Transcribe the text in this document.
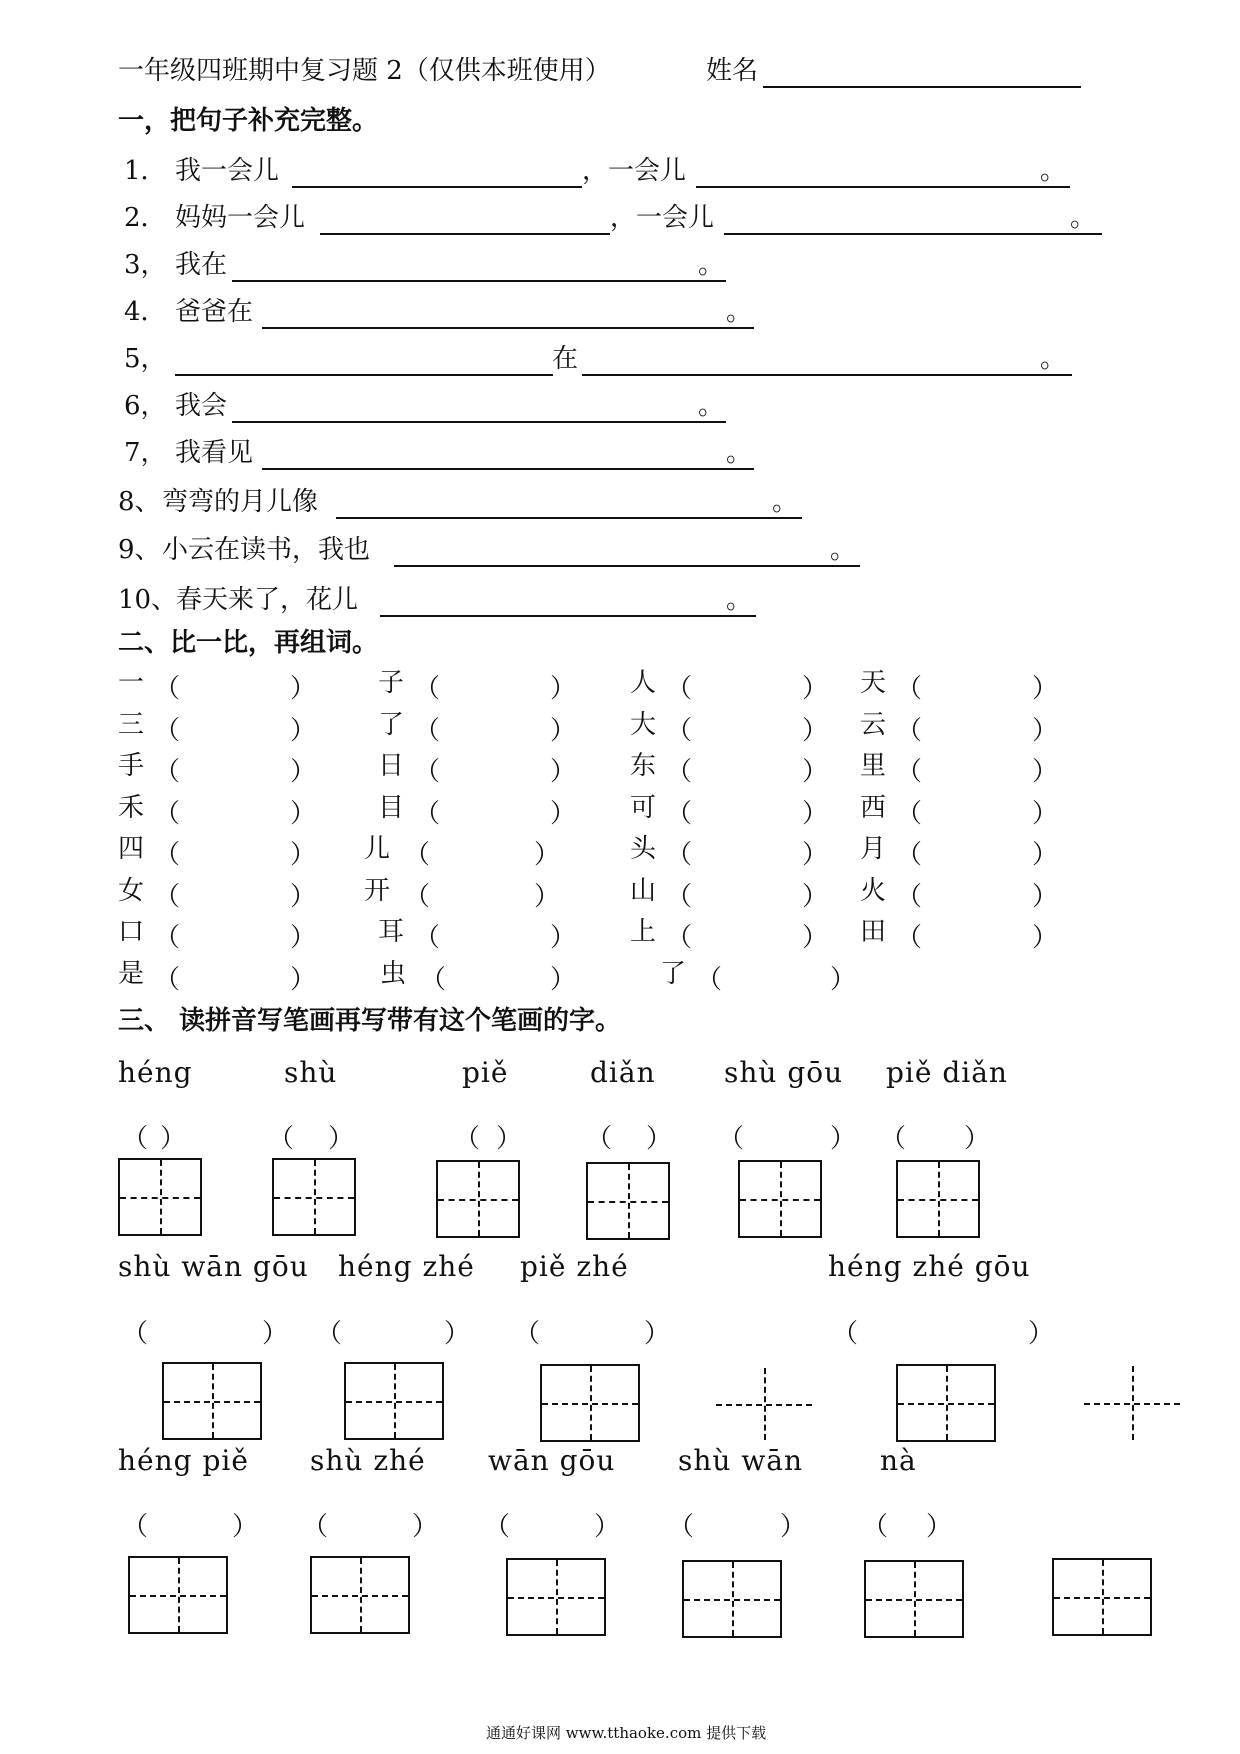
一年级四班期中复习题 2（仅供本班使用）	姓名
一，把句子补充完整。
1． 我一会儿	，一会儿	。
2． 妈妈一会儿	，一会儿	。
3， 我在	。
4． 爸爸在	。
5，	在	。
6， 我会	。
7， 我看见	。
8、 弯弯的月儿像	。
9、 小云在读书，我也	。
10、
春天来了，花儿	。
二、比一比，再组词。
一 （	） 子 （	） 人 （	） 天 （	）
三 （	） 了 （	） 大 （	） 云 （	）
手 （	） 日 （	） 东 （	） 里 （	）
禾 （	） 目 （	） 可 （	） 西 （	）
四 （	） 儿 （	）	头 （	） 月 （	）
女 （	） 开 （	）	山 （	） 火 （	）
口 （	） 耳 （	） 上 （	） 田 （	）
是 （	） 虫 （	）	了 （	）
三、 读拼音写笔画再写带有这个笔画的字。
héng	shù	piě	diǎn shù gōu piě diǎn
（ ）	（ ）	（ ） （ ） （	） （ ）
shù wān gōu héng zhé piě zhé	héng zhé gōu
（	） （	） （	）	（	）
héng piě shù zhé wān gōu shù wān	nà
（	） （	） （	） （	） （ ）
通通好课网 www.tthaoke.com 提供下载
